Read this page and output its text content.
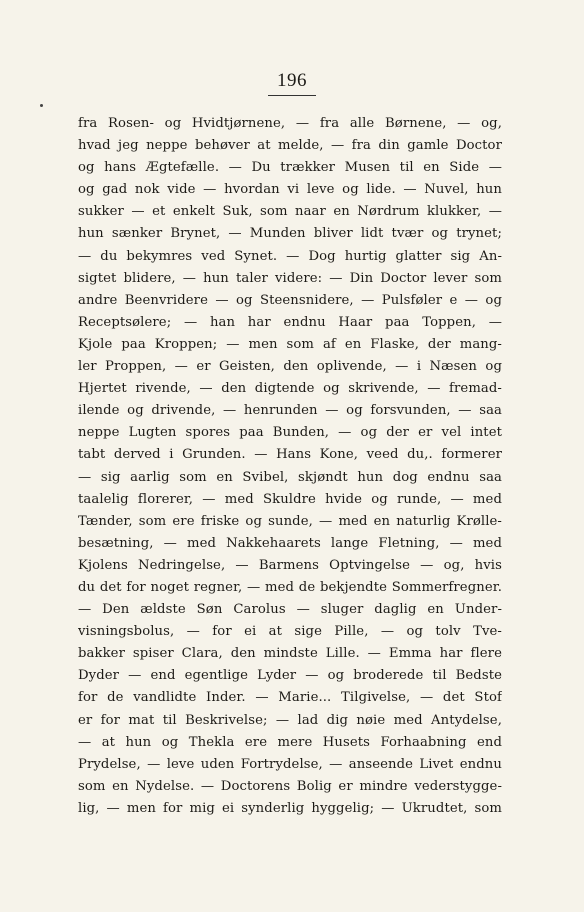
196
fra Rosen- og Hvidtjørnene, — fra alle Børnene, — og,
hvad jeg neppe behøver at melde, — fra din gamle Doctor
og hans Ægtefælle. — Du trækker Musen til en Side —
og gad nok vide — hvordan vi leve og lide. — Nuvel, hun
sukker — et enkelt Suk, som naar en Nørdrum klukker, —
hun sænker Brynet, — Munden bliver lidt tvær og trynet;
— du bekymres ved Synet. — Dog hurtig glatter sig An-
sigtet blidere, — hun taler videre: — Din Doctor lever som
andre Beenvridere — og Steensnidere, — Pulsføler e — og
Receptsølere; — han har endnu Haar paa Toppen, —
Kjole paa Kroppen; — men som af en Flaske, der mang-
ler Proppen, — er Geisten, den oplivende, — i Næsen og
Hjertet rivende, — den digtende og skrivende, — fremad-
ilende og drivende, — henrunden — og forsvunden, — saa
neppe Lugten spores paa Bunden, — og der er vel intet
tabt derved i Grunden. — Hans Kone, veed du,. formerer
— sig aarlig som en Svibel, skjøndt hun dog endnu saa
taalelig florerer, — med Skuldre hvide og runde, — med
Tænder, som ere friske og sunde, — med en naturlig Krølle-
besætning, — med Nakkehaarets lange Fletning, — med
Kjolens Nedringelse, — Barmens Optvingelse — og, hvis
du det for noget regner, — med de bekjendte Sommerfregner.
— Den ældste Søn Carolus — sluger daglig en Under-
visningsbolus, — for ei at sige Pille, — og tolv Tve-
bakker spiser Clara, den mindste Lille. — Emma har flere
Dyder — end egentlige Lyder — og broderede til Bedste
for de vandlidte Inder. — Marie... Tilgivelse, — det Stof
er for mat til Beskrivelse; — lad dig nøie med Antydelse,
— at hun og Thekla ere mere Husets Forhaabning end
Prydelse, — leve uden Fortrydelse, — anseende Livet endnu
som en Nydelse. — Doctorens Bolig er mindre vederstygge-
lig, — men for mig ei synderlig hyggelig; — Ukrudtet, som
